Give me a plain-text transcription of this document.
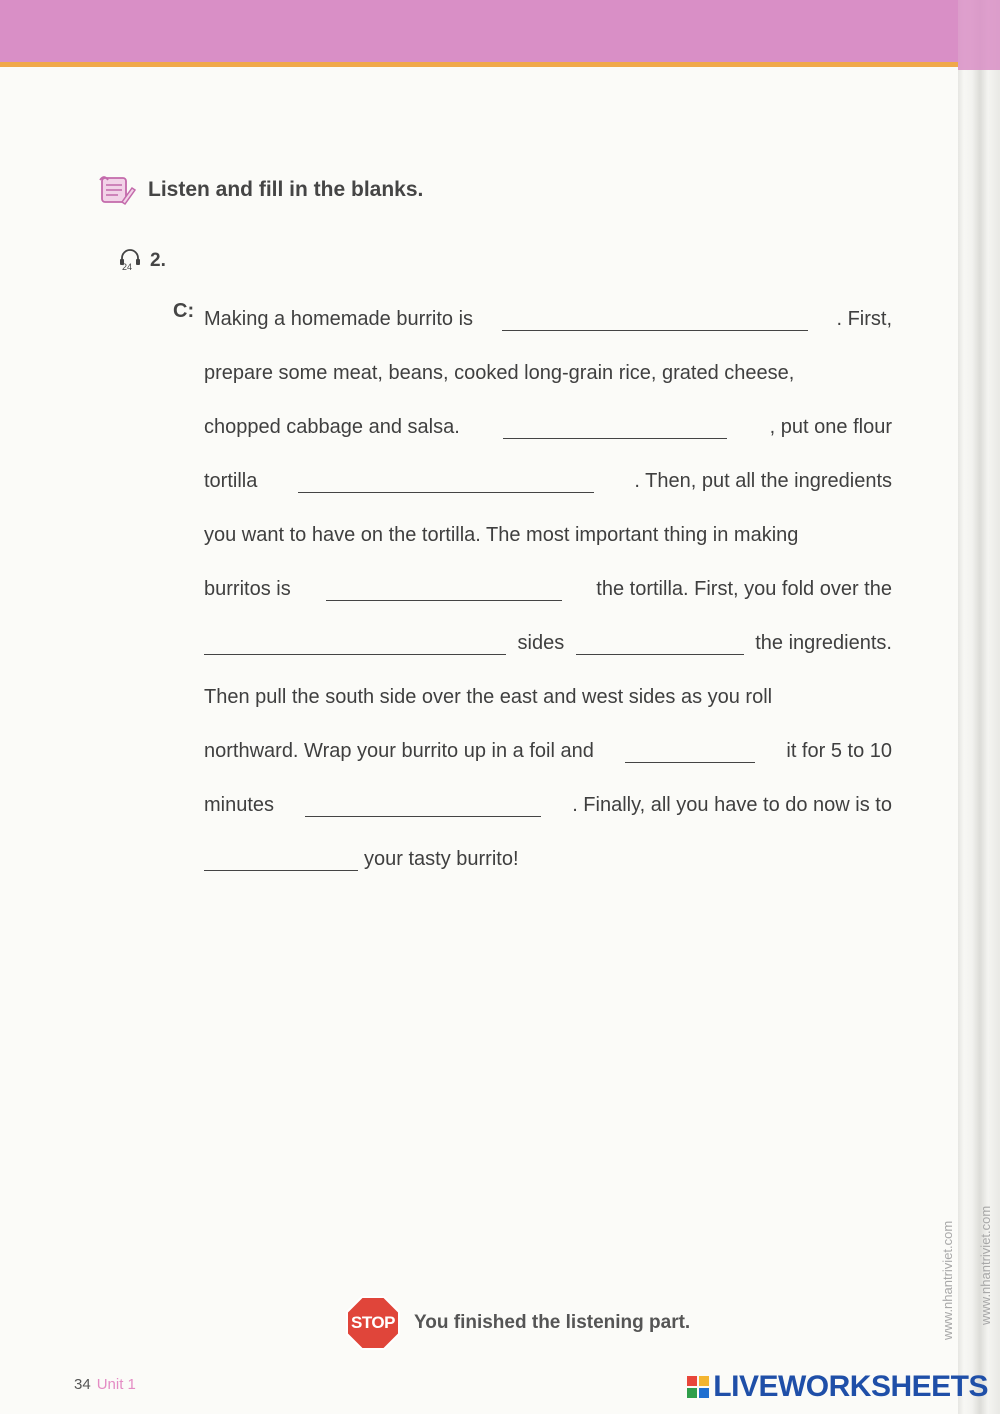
Listen and fill in the blanks.
24 2.
C: Making a homemade burrito is	. First,
prepare some meat, beans, cooked long-grain rice, grated cheese,
chopped cabbage and salsa.	, put one flour
tortilla	. Then, put all the ingredients
you want to have on the tortilla. The most important thing in making
burritos is	the tortilla. First, you fold over the
sides	the ingredients.
Then pull the south side over the east and west sides as you roll
northward. Wrap your burrito up in a foil and	it for 5 to 10
minutes	. Finally, all you have to do now is to
your tasty burrito!
STOP You finished the listening part.
34 Unit 1
www.nhantriviet.com www.nhantriviet.com
LIVEWORKSHEETS
